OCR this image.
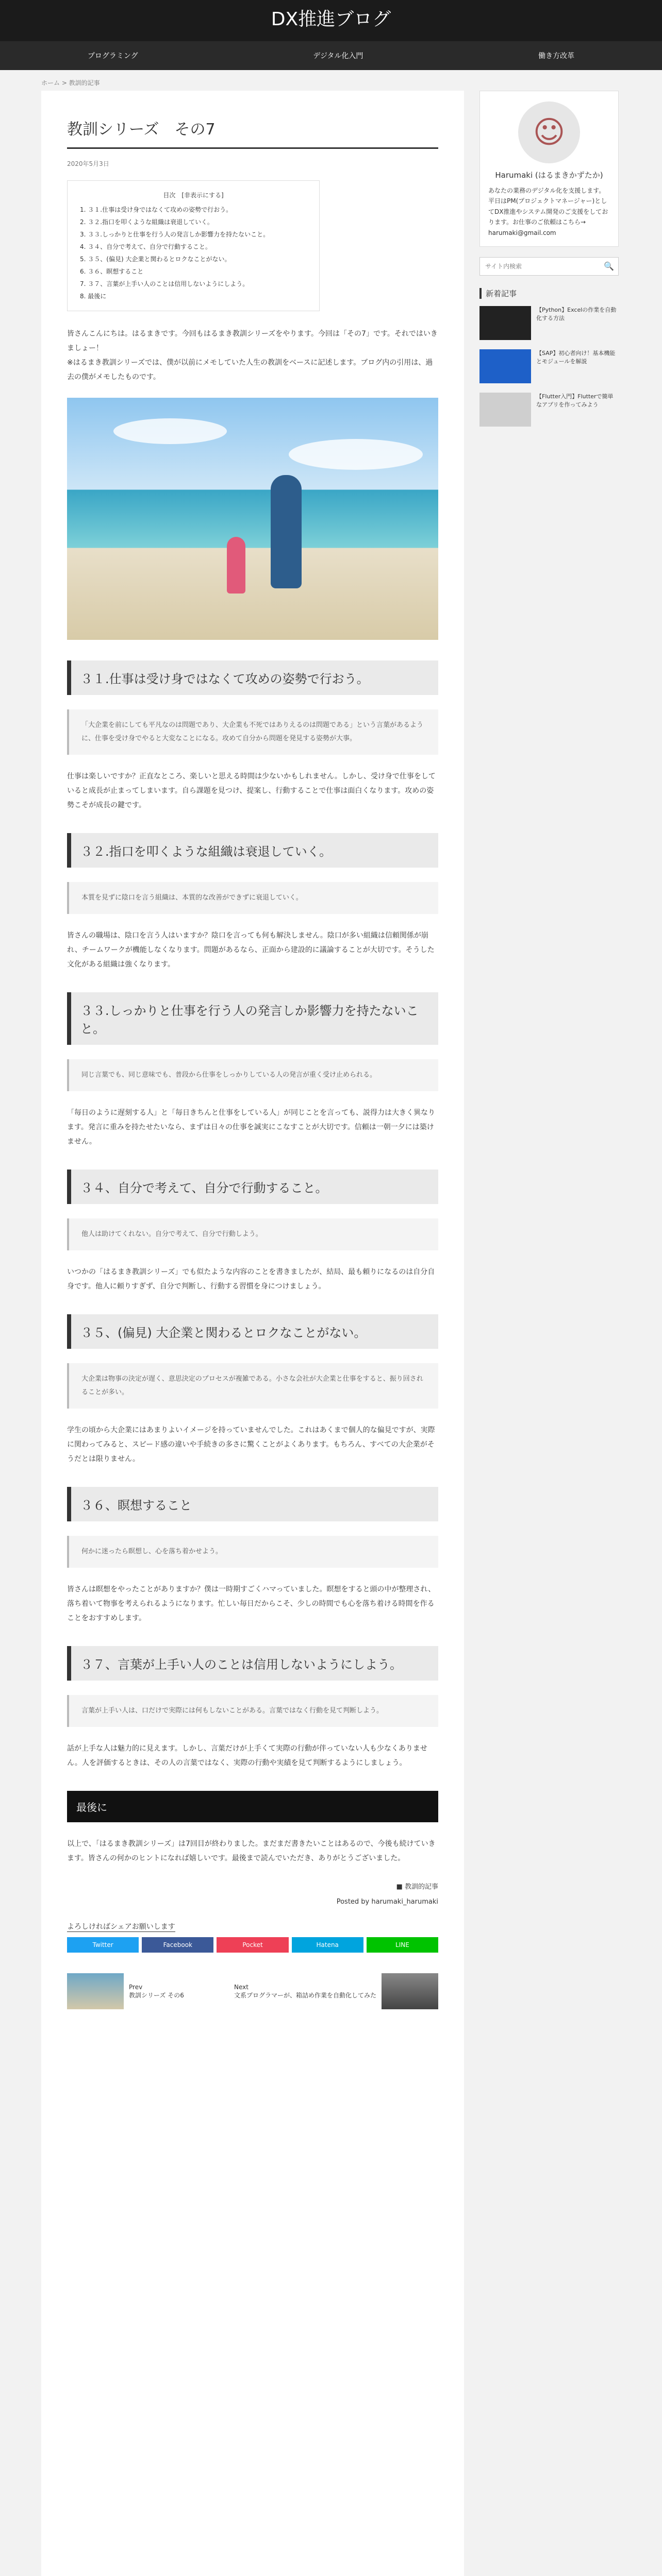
DX推進ブログ
プログラミング	デジタル化入門	働き方改革
ホーム > 教訓的記事
教訓シリーズ　その7
2020年5月3日
目次　[非表示にする]
1. ３１.仕事は受け身ではなくて攻めの姿勢で行おう。
2. ３２.指口を叩くような組織は衰退していく。
3. ３３.しっかりと仕事を行う人の発言しか影響力を持たないこと。
4. ３４、自分で考えて、自分で行動すること。
5. ３５、(偏見) 大企業と関わるとロクなことがない。
6. ３６、瞑想すること
7. ３７、言葉が上手い人のことは信用しないようにしよう。
8. 最後に
皆さんこんにちは。はるまきです。今回もはるまき教訓シリーズをやります。今回は「その7」です。それではいきましょー！
※はるまき教訓シリーズでは、僕が以前にメモしていた人生の教訓をベースに記述します。ブログ内の引用は、過去の僕がメモしたものです。
３１.仕事は受け身ではなくて攻めの姿勢で行おう。
「大企業を前にしても平凡なのは問題であり、大企業も不死ではありえるのは問題である」という言葉があるように、仕事を受け身でやると大変なことになる。攻めて自分から問題を発見する姿勢が大事。
仕事は楽しいですか？正直なところ、楽しいと思える時間は少ないかもしれません。しかし、受け身で仕事をしていると成長が止まってしまいます。自ら課題を見つけ、提案し、行動することで仕事は面白くなります。攻めの姿勢こそが成長の鍵です。
３２.指口を叩くような組織は衰退していく。
本質を見ずに陰口を言う組織は、本質的な改善ができずに衰退していく。
皆さんの職場は、陰口を言う人はいますか？陰口を言っても何も解決しません。陰口が多い組織は信頼関係が崩れ、チームワークが機能しなくなります。問題があるなら、正面から建設的に議論することが大切です。そうした文化がある組織は強くなります。
３３.しっかりと仕事を行う人の発言しか影響力を持たないこと。
同じ言葉でも、同じ意味でも、普段から仕事をしっかりしている人の発言が重く受け止められる。
「毎日のように遅刻する人」と「毎日きちんと仕事をしている人」が同じことを言っても、説得力は大きく異なります。発言に重みを持たせたいなら、まずは日々の仕事を誠実にこなすことが大切です。信頼は一朝一夕には築けません。
３４、自分で考えて、自分で行動すること。
他人は助けてくれない。自分で考えて、自分で行動しよう。
いつかの「はるまき教訓シリーズ」でも似たような内容のことを書きましたが、結局、最も頼りになるのは自分自身です。他人に頼りすぎず、自分で判断し、行動する習慣を身につけましょう。
３５、(偏見) 大企業と関わるとロクなことがない。
大企業は物事の決定が遅く、意思決定のプロセスが複雑である。小さな会社が大企業と仕事をすると、振り回されることが多い。
学生の頃から大企業にはあまりよいイメージを持っていませんでした。これはあくまで個人的な偏見ですが、実際に関わってみると、スピード感の違いや手続きの多さに驚くことがよくあります。もちろん、すべての大企業がそうだとは限りません。
３６、瞑想すること
何かに迷ったら瞑想し、心を落ち着かせよう。
皆さんは瞑想をやったことがありますか？僕は一時期すごくハマっていました。瞑想をすると頭の中が整理され、落ち着いて物事を考えられるようになります。忙しい毎日だからこそ、少しの時間でも心を落ち着ける時間を作ることをおすすめします。
３７、言葉が上手い人のことは信用しないようにしよう。
言葉が上手い人は、口だけで実際には何もしないことがある。言葉ではなく行動を見て判断しよう。
話が上手な人は魅力的に見えます。しかし、言葉だけが上手くて実際の行動が伴っていない人も少なくありません。人を評価するときは、その人の言葉ではなく、実際の行動や実績を見て判断するようにしましょう。
最後に
以上で、「はるまき教訓シリーズ」は7回目が終わりました。まだまだ書きたいことはあるので、今後も続けていきます。皆さんの何かのヒントになれば嬉しいです。最後まで読んでいただき、ありがとうございました。
■ 教訓的記事
Posted by harumaki_harumaki
よろしければシェアお願いします
Twitter	Facebook	Pocket	Hatena	LINE
Prev
教訓シリーズ その6
Next
文系プログラマーが、箱詰め作業を自動化してみた
☺
Harumaki (はるまきかずたか)
あなたの業務のデジタル化を支援します。平日はPM(プロジェクトマネージャー)としてDX推進やシステム開発のご支援をしております。お仕事のご依頼はこちら→ harumaki@gmail.com
サイト内検索
🔍
新着記事
【Python】Excelの作業を自動化する方法
【SAP】初心者向け！基本機能とモジュールを解説
【Flutter入門】Flutterで簡単なアプリを作ってみよう
